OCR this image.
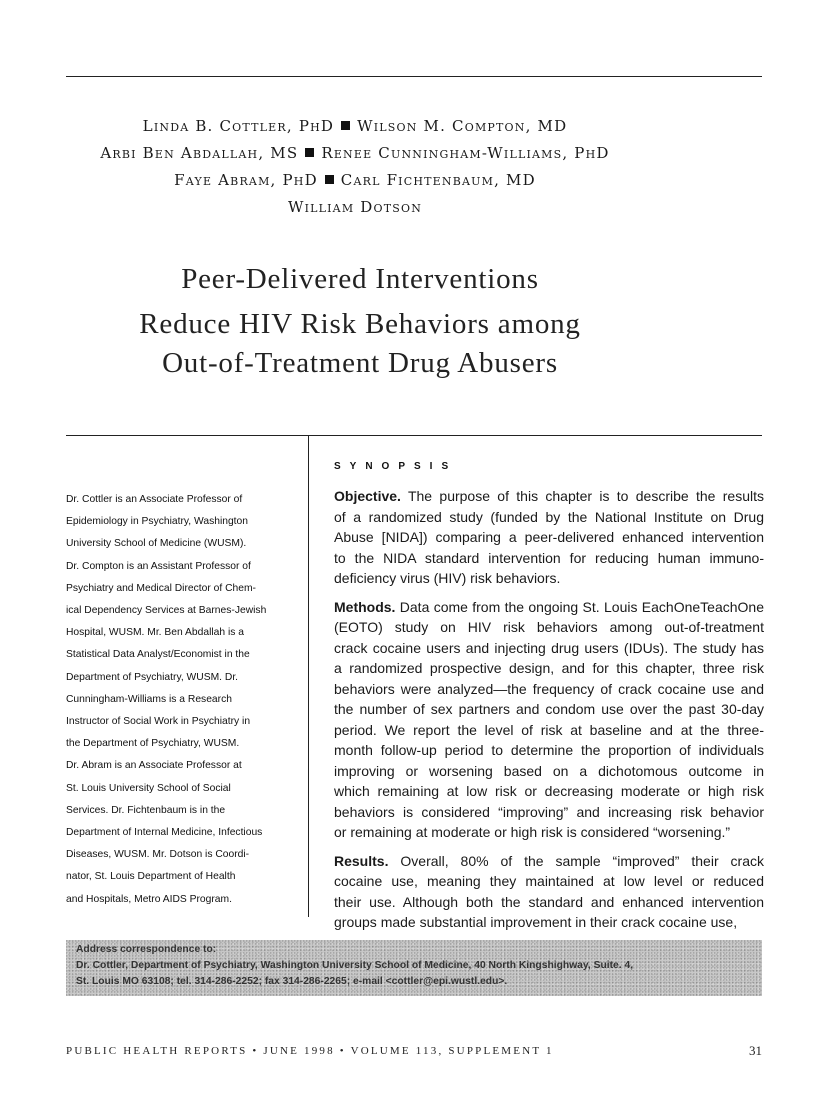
Linda B. Cottler, PhD Wilson M. Compton, MD
Arbi Ben Abdallah, MS Renee Cunningham-Williams, PhD
Faye Abram, PhD Carl Fichtenbaum, MD
William Dotson
Peer-Delivered Interventions
Reduce HIV Risk Behaviors among
Out-of-Treatment Drug Abusers

Dr. Cottler is an Associate Professor of

Epidemiology in Psychiatry, Washington

University School of Medicine (WUSM).

Dr. Compton is an Assistant Professor of

Psychiatry and Medical Director of Chem-

ical Dependency Services at Barnes-Jewish

Hospital, WUSM. Mr. Ben Abdallah is a

Statistical Data Analyst/Economist in the

Department of Psychiatry, WUSM. Dr.

Cunningham-Williams is a Research

Instructor of Social Work in Psychiatry in

the Department of Psychiatry, WUSM.

Dr. Abram is an Associate Professor at

St. Louis University School of Social

Services. Dr. Fichtenbaum is in the

Department of Internal Medicine, Infectious

Diseases, WUSM. Mr. Dotson is Coordi-

nator, St. Louis Department of Health

and Hospitals, Metro AIDS Program.

SYNOPSIS
Objective. The purpose of this chapter is to describe the results
of a randomized study (funded by the National Institute on Drug
Abuse [NIDA]) comparing a peer-delivered enhanced intervention
to the NIDA standard intervention for reducing human immuno-
deficiency virus (HIV) risk behaviors.
Methods. Data come from the ongoing St. Louis EachOneTeachOne
(EOTO) study on HIV risk behaviors among out-of-treatment
crack cocaine users and injecting drug users (IDUs). The study has
a randomized prospective design, and for this chapter, three risk
behaviors were analyzed—the frequency of crack cocaine use and
the number of sex partners and condom use over the past 30-day
period. We report the level of risk at baseline and at the three-
month follow-up period to determine the proportion of individuals
improving or worsening based on a dichotomous outcome in
which remaining at low risk or decreasing moderate or high risk
behaviors is considered “improving” and increasing risk behavior
or remaining at moderate or high risk is considered “worsening.”
Results. Overall, 80% of the sample “improved” their crack
cocaine use, meaning they maintained at low level or reduced
their use. Although both the standard and enhanced intervention
groups made substantial improvement in their crack cocaine use,
Address correspondence to:
Dr. Cottler, Department of Psychiatry, Washington University School of Medicine, 40 North Kingshighway, Suite. 4,
St. Louis MO 63108; tel. 314-286-2252; fax 314-286-2265; e-mail <cottler@epi.wustl.edu>.
PUBLIC HEALTH REPORTS • JUNE 1998 • VOLUME 113, SUPPLEMENT 1	31
